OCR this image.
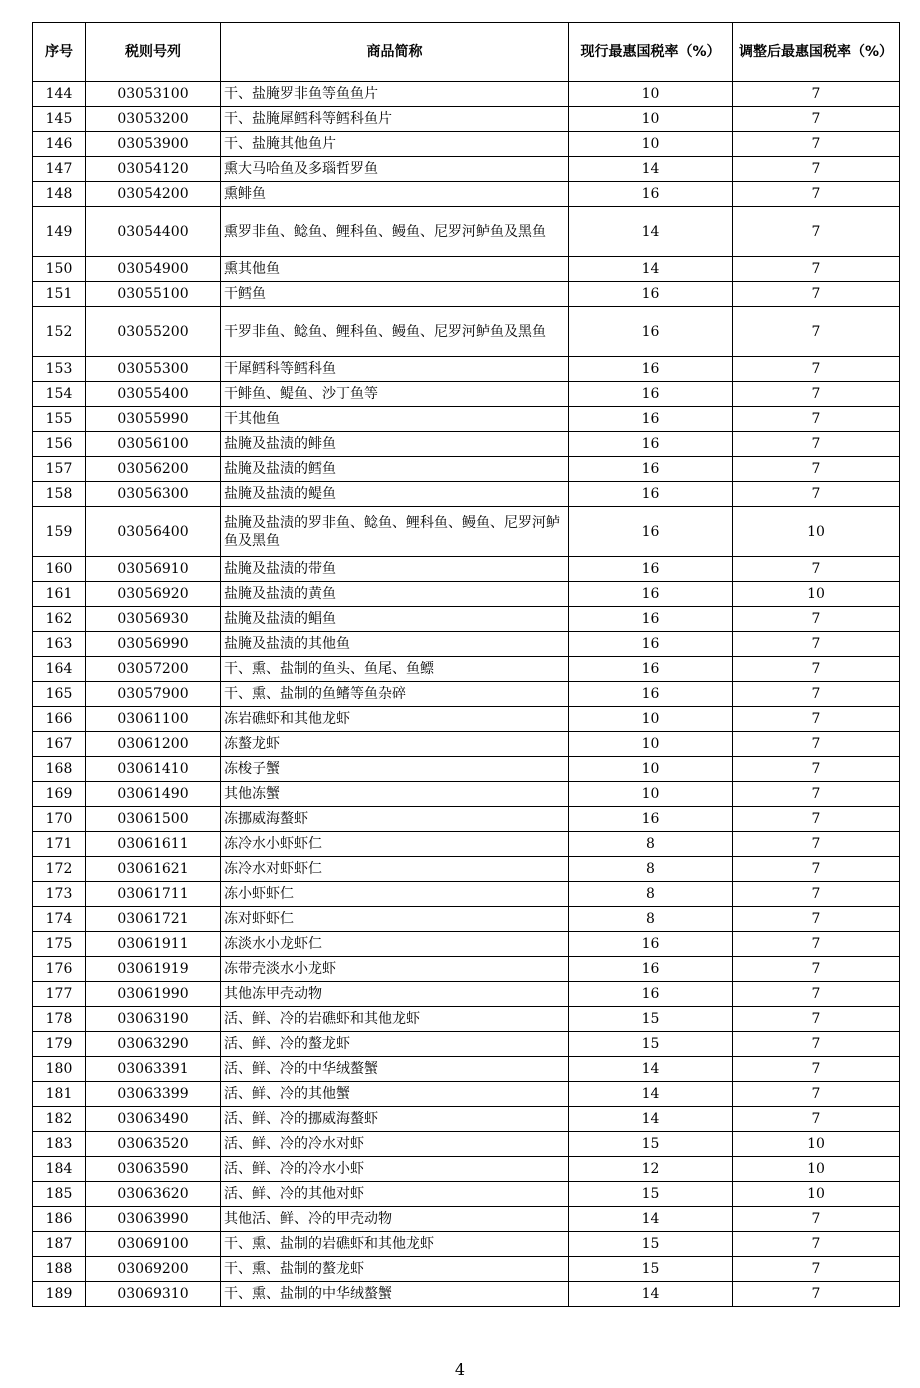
序号	税则号列	商品简称	现行最惠国税率（%）	调整后最惠国税率（%）
144	03053100	干、盐腌罗非鱼等鱼鱼片	10	7
145	03053200	干、盐腌犀鳕科等鳕科鱼片	10	7
146	03053900	干、盐腌其他鱼片	10	7
147	03054120	熏大马哈鱼及多瑙哲罗鱼	14	7
148	03054200	熏鲱鱼	16	7
149	03054400	熏罗非鱼、鲶鱼、鲤科鱼、鳗鱼、尼罗河鲈鱼及黑鱼	14	7
150	03054900	熏其他鱼	14	7
151	03055100	干鳕鱼	16	7
152	03055200	干罗非鱼、鲶鱼、鲤科鱼、鳗鱼、尼罗河鲈鱼及黑鱼	16	7
153	03055300	干犀鳕科等鳕科鱼	16	7
154	03055400	干鲱鱼、鳀鱼、沙丁鱼等	16	7
155	03055990	干其他鱼	16	7
156	03056100	盐腌及盐渍的鲱鱼	16	7
157	03056200	盐腌及盐渍的鳕鱼	16	7
158	03056300	盐腌及盐渍的鳀鱼	16	7
159	03056400	盐腌及盐渍的罗非鱼、鲶鱼、鲤科鱼、鳗鱼、尼罗河鲈鱼及黑鱼	16	10
160	03056910	盐腌及盐渍的带鱼	16	7
161	03056920	盐腌及盐渍的黄鱼	16	10
162	03056930	盐腌及盐渍的鲳鱼	16	7
163	03056990	盐腌及盐渍的其他鱼	16	7
164	03057200	干、熏、盐制的鱼头、鱼尾、鱼鳔	16	7
165	03057900	干、熏、盐制的鱼鳍等鱼杂碎	16	7
166	03061100	冻岩礁虾和其他龙虾	10	7
167	03061200	冻螯龙虾	10	7
168	03061410	冻梭子蟹	10	7
169	03061490	其他冻蟹	10	7
170	03061500	冻挪威海螯虾	16	7
171	03061611	冻冷水小虾虾仁	8	7
172	03061621	冻冷水对虾虾仁	8	7
173	03061711	冻小虾虾仁	8	7
174	03061721	冻对虾虾仁	8	7
175	03061911	冻淡水小龙虾仁	16	7
176	03061919	冻带壳淡水小龙虾	16	7
177	03061990	其他冻甲壳动物	16	7
178	03063190	活、鲜、冷的岩礁虾和其他龙虾	15	7
179	03063290	活、鲜、冷的螯龙虾	15	7
180	03063391	活、鲜、冷的中华绒螯蟹	14	7
181	03063399	活、鲜、冷的其他蟹	14	7
182	03063490	活、鲜、冷的挪威海螯虾	14	7
183	03063520	活、鲜、冷的冷水对虾	15	10
184	03063590	活、鲜、冷的冷水小虾	12	10
185	03063620	活、鲜、冷的其他对虾	15	10
186	03063990	其他活、鲜、冷的甲壳动物	14	7
187	03069100	干、熏、盐制的岩礁虾和其他龙虾	15	7
188	03069200	干、熏、盐制的螯龙虾	15	7
189	03069310	干、熏、盐制的中华绒螯蟹	14	7
4
